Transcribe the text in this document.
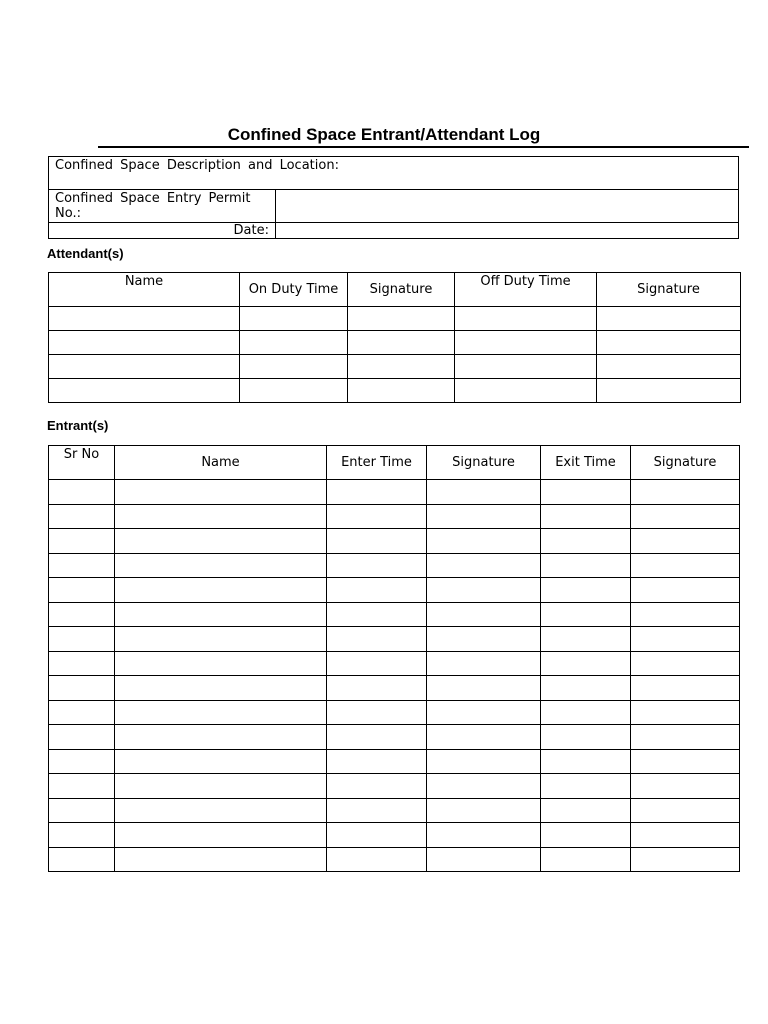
Confined Space Entrant/Attendant Log
Confined Space Description and Location:	
Confined Space Entry Permit No.:	
Date:	
Attendant(s)
Name	On Duty Time	Signature	Off Duty Time	Signature

Entrant(s)
Sr No	Name	Enter Time	Signature	Exit Time	Signature
